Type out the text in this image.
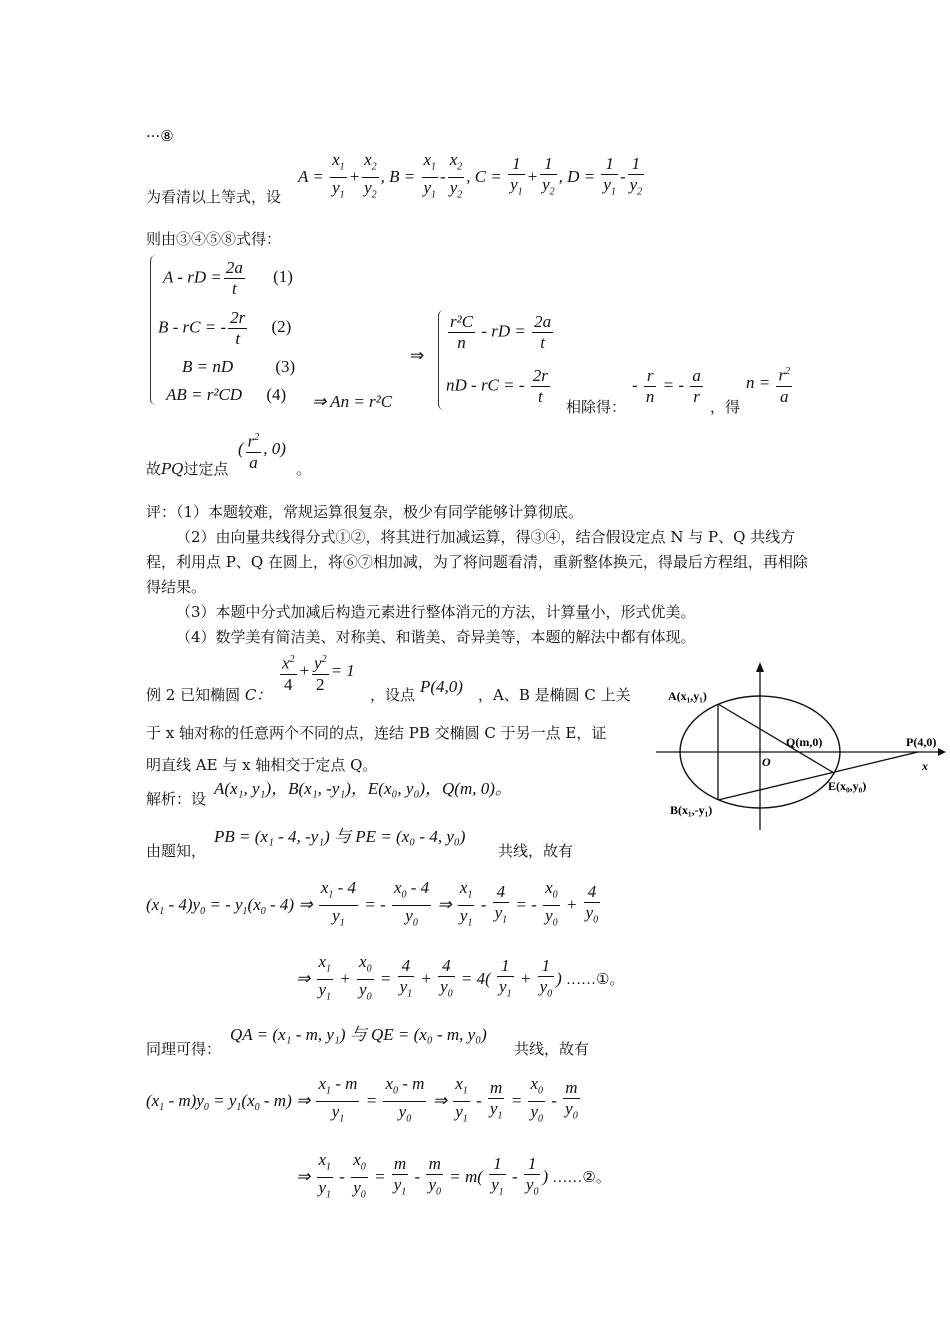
···⑧
$A = \frac{x_1}{y_1} + \frac{x_2}{y_2}$ , $B = \frac{x_1}{y_1} - \frac{x_2}{y_2}$ , $C = \frac{1}{y_1} + \frac{1}{y_2}$ , $D = \frac{1}{y_1} - \frac{1}{y_2}$
为看清以上等式，设
则由③④⑤⑧式得：
A - rD = $\frac{2a}{t} (1)$
B - rC = - $\frac{2r}{t} (2)$
B = nD (3)
AB = r²CD (4) ⇒ An = r²C
⇒
$\frac{\text{r²C}}{n}$ - rD = $\frac{2a}{t}$
nD - rC = - $\frac{2r}{t}$ 相除得：
- $\frac{r}{n}$ = - $\frac{a}{r}$ ，得
$n = \frac{r^2}{a}$
故PQ过定点
( $\frac{r^2}{a}$ , 0)
。
评：（1）本题较难，常规运算很复杂，极少有同学能够计算彻底。
（2）由向量共线得分式①②，将其进行加减运算，得③④，结合假设定点 N 与 P、Q 共线方程，利用点 P、Q 在圆上，将⑥⑦相加减，为了将问题看清，重新整体换元，得最后方程组，再相除得结果。
（3）本题中分式加减后构造元素进行整体消元的方法，计算量小，形式优美。
（4）数学美有简洁美、对称美、和谐美、奇异美等，本题的解法中都有体现。
例 2 已知椭圆 C：
$\frac{x^2}{4} + \frac{y^2}{2} = 1$
，设点 P(4,0) ，A、B 是椭圆 C 上关
于 x 轴对称的任意两个不同的点，连结 PB 交椭圆 C 于另一点 E，证
明直线 AE 与 x 轴相交于定点 Q。
解析：设
A(x₁, y₁)，B(x₁, -y₁)，E(x₀, y₀)，Q(m, 0)。
由题知，
PB = (x₁ - 4, -y₁) 与 PE = (x₀ - 4, y₀)
共线，故有
$(x_1 - 4)y_0$ = - $y_1(x_0 - 4)$ ⇒ $\frac{x_1 - 4}{y_1}$ = - $\frac{x_0 - 4}{y_0}$ ⇒ $\frac{x_1}{y_1} - \frac{4}{y_1}$ = - $\frac{x_0}{y_0} + \frac{4}{y_0}$
⇒ $\frac{x_1}{y_1} + \frac{x_0}{y_0} = \frac{4}{y_1} + \frac{4}{y_0} = 4( \frac{1}{y_1} + \frac{1}{y_0}$ ) ……①。
同理可得：
QA = (x₁ - m, y₁) 与 QE = (x₀ - m, y₀)
共线，故有
$(x_1 - m)y_0 = y_1(x_0 - m)$ ⇒ $\frac{x_1 - m}{y_1} = \frac{x_0 - m}{y_0}$ ⇒ $\frac{x_1}{y_1} - \frac{m}{y_1} = \frac{x_0}{y_0} - \frac{m}{y_0}$
⇒ $\frac{x_1}{y_1} - \frac{x_0}{y_0} = \frac{m}{y_1} - \frac{m}{y_0} = m( \frac{1}{y_1} - \frac{1}{y_0}$ ) ……②。
A(x₁,y₁)
B(x₁,-y₁)
Q(m,0)	P(4,0)
E(x₀,y₀)
O	x
